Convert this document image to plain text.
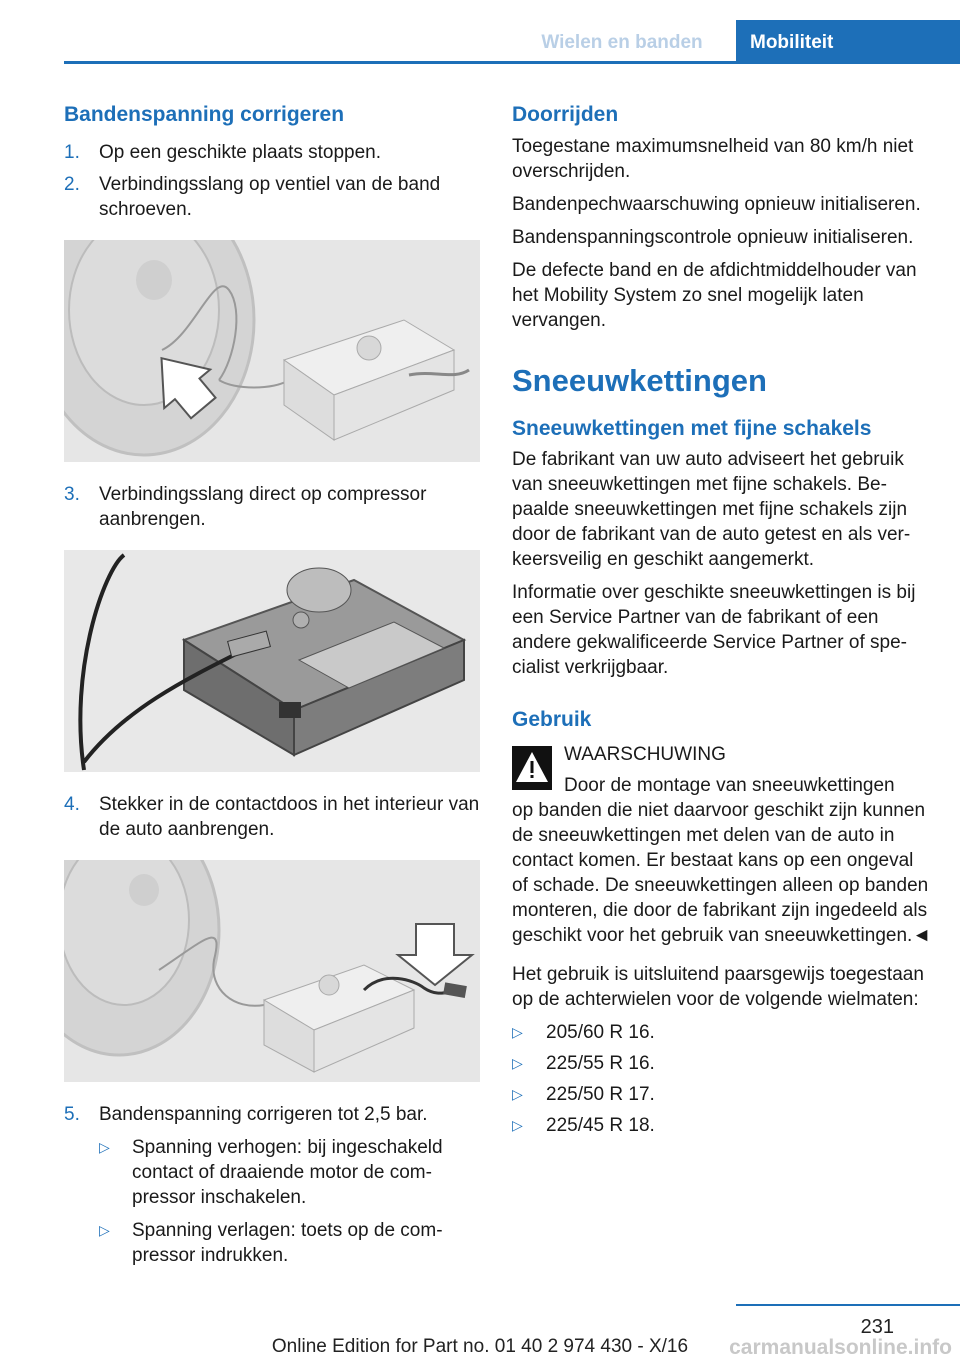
Wielen en banden	Mobiliteit
Bandenspanning corrigeren
1.	Op een geschikte plaats stoppen.
2.	Verbindingsslang op ventiel van de band schroeven.
3.	Verbindingsslang direct op compressor aanbrengen.
4.	Stekker in de contactdoos in het interieur van de auto aanbrengen.
5.	Bandenspanning corrigeren tot 2,5 bar.
▷	Spanning verhogen: bij ingeschakeld contact of draaiende motor de compressor inschakelen.
▷	Spanning verlagen: toets op de compressor indrukken.
Doorrijden

Toegestane maximumsnelheid van 80 km/h niet overschrijden.

Bandenpechwaarschuwing opnieuw initialiseren.

Bandenspanningscontrole opnieuw initialiseren.

De defecte band en de afdichtmiddelhouder van het Mobility System zo snel mogelijk laten vervangen.

Sneeuwkettingen
Sneeuwkettingen met fijne schakels

De fabrikant van uw auto adviseert het gebruik van sneeuwkettingen met fijne schakels. Bepaalde sneeuwkettingen met fijne schakels zijn door de fabrikant van de auto getest en als verkeersveilig en geschikt aangemerkt.

Informatie over geschikte sneeuwkettingen is bij een Service Partner van de fabrikant of een andere gekwalificeerde Service Partner of specialist verkrijgbaar.

Gebruik
WAARSCHUWING
Door de montage van sneeuwkettingen

op banden die niet daarvoor geschikt zijn kunnen de sneeuwkettingen met delen van de auto in contact komen. Er bestaat kans op een ongeval of schade. De sneeuwkettingen alleen op banden monteren, die door de fabrikant zijn ingedeeld als geschikt voor het gebruik van sneeuwkettingen.◄

Het gebruik is uitsluitend paarsgewijs toegestaan op de achterwielen voor de volgende wielmaten:

▷	205/60 R 16.
▷	225/55 R 16.
▷	225/50 R 17.
▷	225/45 R 18.
231
Online Edition for Part no. 01 40 2 974 430 - X/16	carmanualsonline.info
